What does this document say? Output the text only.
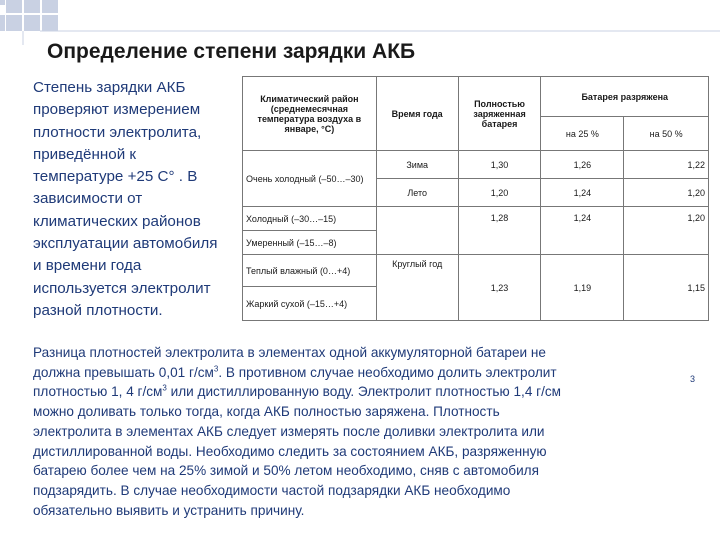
Определение степени зарядки АКБ
Степень зарядки АКБ
проверяют измерением
плотности электролита,
приведённой к
температуре +25 С° . В
зависимости от
климатических районов
эксплуатации автомобиля
и времени года
используется электролит
разной плотности.
Климатический район (среднемесячная температура воздуха в январе, °С)	Время года	Полностью заряженная батарея	Батарея разряжена	
			на 25 %	на 50 %
Очень холодный (–50…–30)	Зима	1,30	1,26	1,22
	Лето	1,20	1,24	1,20
Холодный (–30…–15)		1,28	1,24	1,20
Умеренный (–15…–8)				
Теплый влажный (0…+4)	Круглый год	1,23	1,19	1,15
Жаркий сухой (–15…+4)				
Разница плотностей электролита в элементах одной аккумуляторной батареи не
должна превышать 0,01 $г/см^3$. В противном случае необходимо долить электролит
плотностью 1, 4 $г/см^3$ или дистиллированную воду. Электролит плотностью 1,4 г/см
можно доливать только тогда, когда АКБ полностью заряжена. Плотность
электролита в элементах АКБ следует измерять после доливки электролита или
дистиллированной воды. Необходимо следить за состоянием АКБ, разряженную
батарею более чем на 25% зимой и 50% летом необходимо, сняв с автомобиля
подзарядить. В случае необходимости частой подзарядки АКБ необходимо
обязательно выявить и устранить причину.
3
